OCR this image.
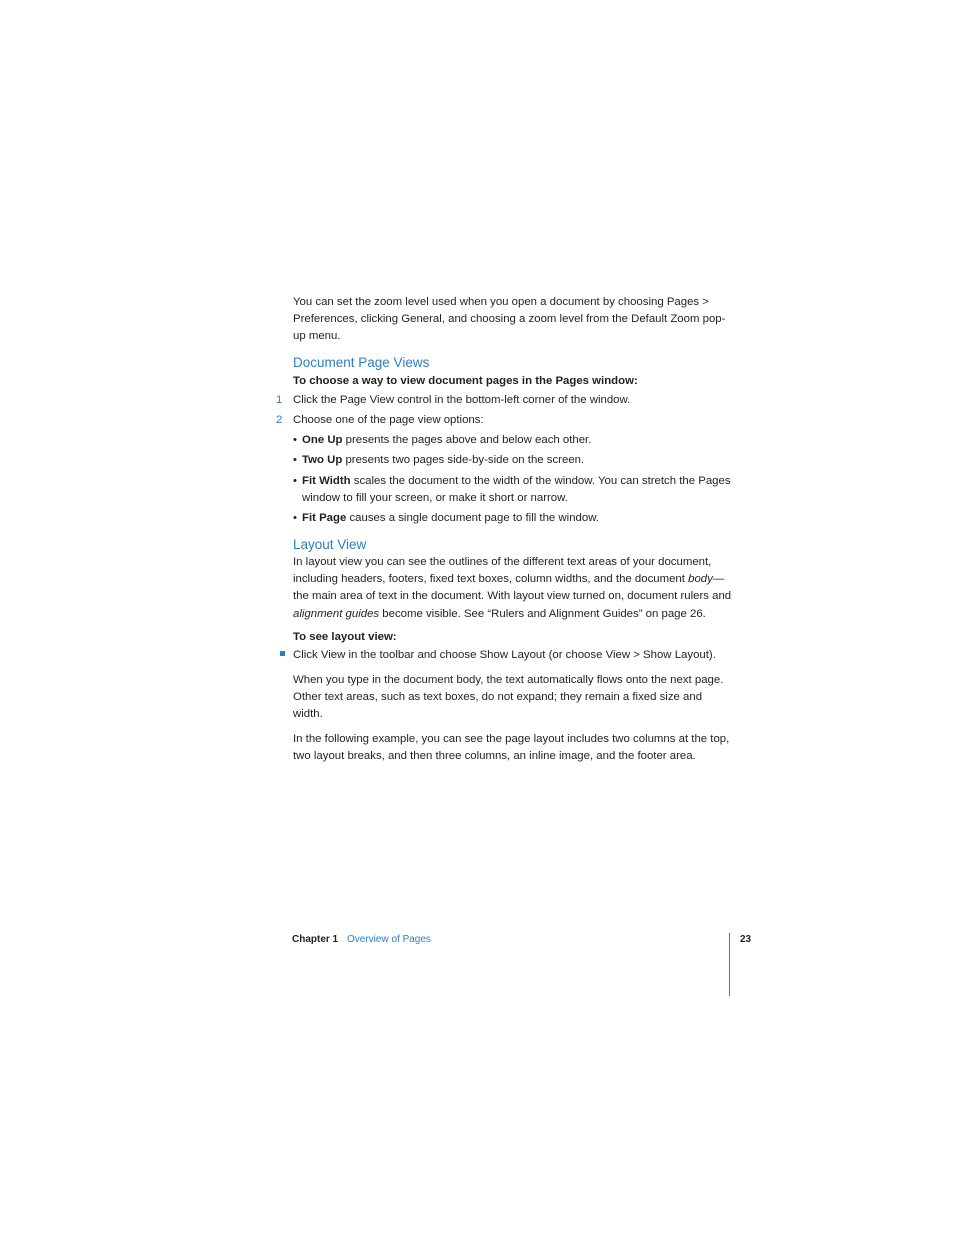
You can set the zoom level used when you open a document by choosing Pages > Preferences, clicking General, and choosing a zoom level from the Default Zoom pop-up menu.

Document Page Views

To choose a way to view document pages in the Pages window:

1 Click the Page View control in the bottom-left corner of the window.
2 Choose one of the page view options:
• One Up presents the pages above and below each other.
• Two Up presents two pages side-by-side on the screen.
• Fit Width scales the document to the width of the window. You can stretch the Pages window to fill your screen, or make it short or narrow.
• Fit Page causes a single document page to fill the window.
Layout View

In layout view you can see the outlines of the different text areas of your document, including headers, footers, fixed text boxes, column widths, and the document body—the main area of text in the document. With layout view turned on, document rulers and alignment guides become visible. See “Rulers and Alignment Guides” on page 26.

To see layout view:

Click View in the toolbar and choose Show Layout (or choose View > Show Layout).

When you type in the document body, the text automatically flows onto the next page. Other text areas, such as text boxes, do not expand; they remain a fixed size and width.

In the following example, you can see the page layout includes two columns at the top, two layout breaks, and then three columns, an inline image, and the footer area.

Chapter 1 Overview of Pages	23
